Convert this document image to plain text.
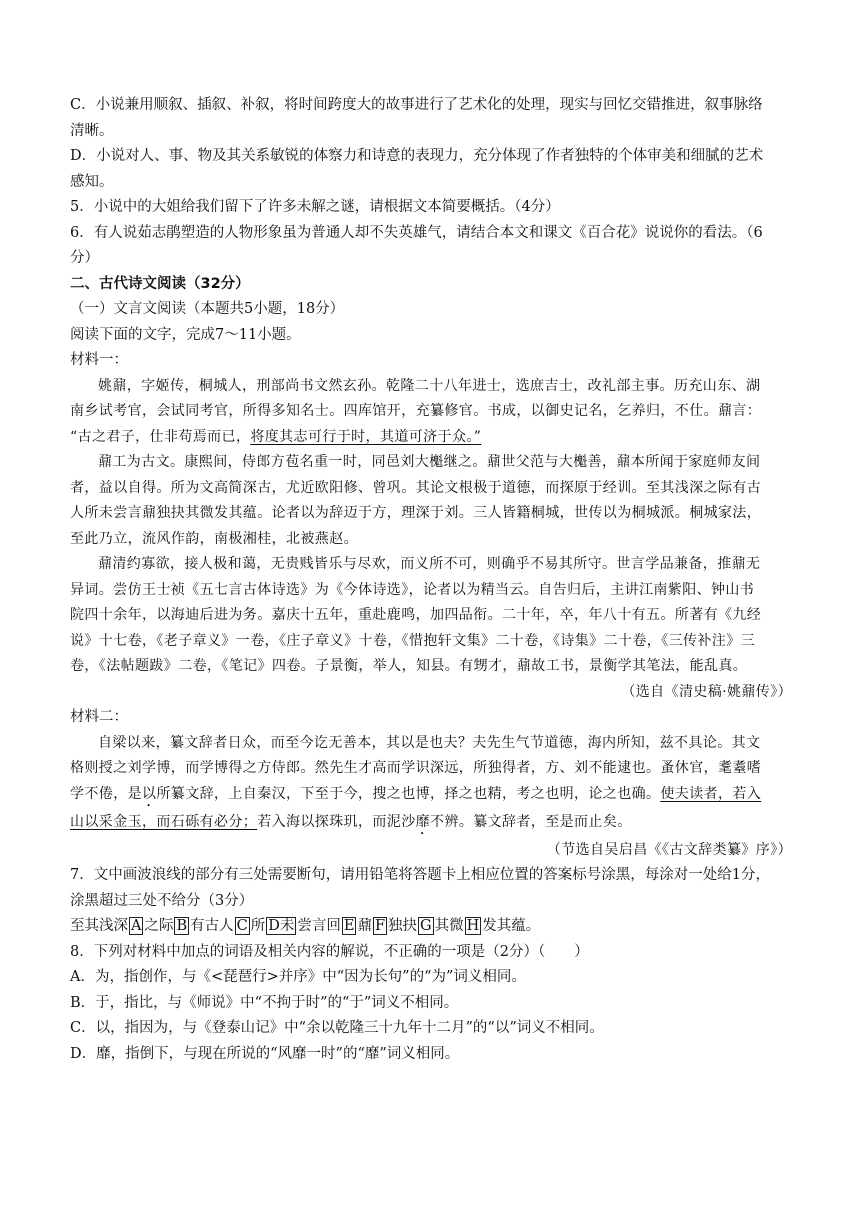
C．小说兼用顺叙、插叙、补叙，将时间跨度大的故事进行了艺术化的处理，现实与回忆交错推进，叙事脉络
清晰。
D．小说对人、事、物及其关系敏锐的体察力和诗意的表现力，充分体现了作者独特的个体审美和细腻的艺术
感知。
5．小说中的大姐给我们留下了许多未解之谜，请根据文本简要概括。（4分）
6．有人说茹志鹃塑造的人物形象虽为普通人却不失英雄气，请结合本文和课文《百合花》说说你的看法。（6
分）
二、古代诗文阅读（32分）
（一）文言文阅读（本题共5小题，18分）
阅读下面的文字，完成7～11小题。
材料一：
姚鼐，字姬传，桐城人，刑部尚书文然玄孙。乾隆二十八年进士，选庶吉士，改礼部主事。历充山东、湖
南乡试考官，会试同考官，所得多知名士。四库馆开，充纂修官。书成，以御史记名，乞养归，不仕。鼐言：
“古之君子，仕非苟焉而已，将度其志可行于时，其道可济于众。”
鼐工为古文。康熙间，侍郎方苞名重一时，同邑刘大櫆继之。鼐世父范与大櫆善，鼐本所闻于家庭师友间
者，益以自得。所为文高简深古，尤近欧阳修、曾巩。其论文根极于道德，而探原于经训。至其浅深之际有古
人所未尝言鼐独抉其微发其蕴。论者以为辞迈于方，理深于刘。三人皆籍桐城，世传以为桐城派。桐城家法，
至此乃立，流风作韵，南极湘桂，北被燕赵。
鼐清约寡欲，接人极和蔼，无贵贱皆乐与尽欢，而义所不可，则确乎不易其所守。世言学品兼备，推鼐无
异词。尝仿王士祯《五七言古体诗选》为《今体诗选》，论者以为精当云。自告归后，主讲江南紫阳、钟山书
院四十余年，以海迪后进为务。嘉庆十五年，重赴鹿鸣，加四品衔。二十年，卒，年八十有五。所著有《九经
说》十七卷，《老子章义》一卷，《庄子章义》十卷，《惜抱轩文集》二十卷，《诗集》二十卷，《三传补注》三
卷，《法帖题跋》二卷，《笔记》四卷。子景衡，举人，知县。有甥才，鼐故工书，景衡学其笔法，能乱真。
（选自《清史稿·姚鼐传》）
材料二：
自梁以来，纂文辞者日众，而至今讫无善本，其以是也夫？夫先生气节道德，海内所知，兹不具论。其文
格则授之刘学博，而学博得之方侍郎。然先生才高而学识深远，所独得者，方、刘不能逮也。蚤休官，耄耋嗜
学不倦，是以所纂文辞，上自秦汉，下至于今，搜之也博，择之也精，考之也明，论之也确。使夫读者，若入
山以采金玉，而石砾有必分；若入海以探珠玑，而泥沙靡不辨。纂文辞者，至是而止矣。
（节选自吴启昌《《古文辞类纂》序》）
7．文中画波浪线的部分有三处需要断句，请用铅笔将答题卡上相应位置的答案标号涂黑，每涂对一处给1分，
涂黑超过三处不给分（3分）
至其浅深 A 之际 B 有古人 C 所 D未 尝言回 E 鼐 F 独抉 G 其微 H 发其蕴。
8．下列对材料中加点的词语及相关内容的解说，不正确的一项是（2分）（　　）
A．为，指创作，与《<琵琶行>并序》中“因为长句”的“为”词义相同。
B．于，指比，与《师说》中“不拘于时”的“于”词义不相同。
C．以，指因为，与《登泰山记》中“余以乾隆三十九年十二月”的“以”词义不相同。
D．靡，指倒下，与现在所说的“风靡一时”的“靡”词义相同。
